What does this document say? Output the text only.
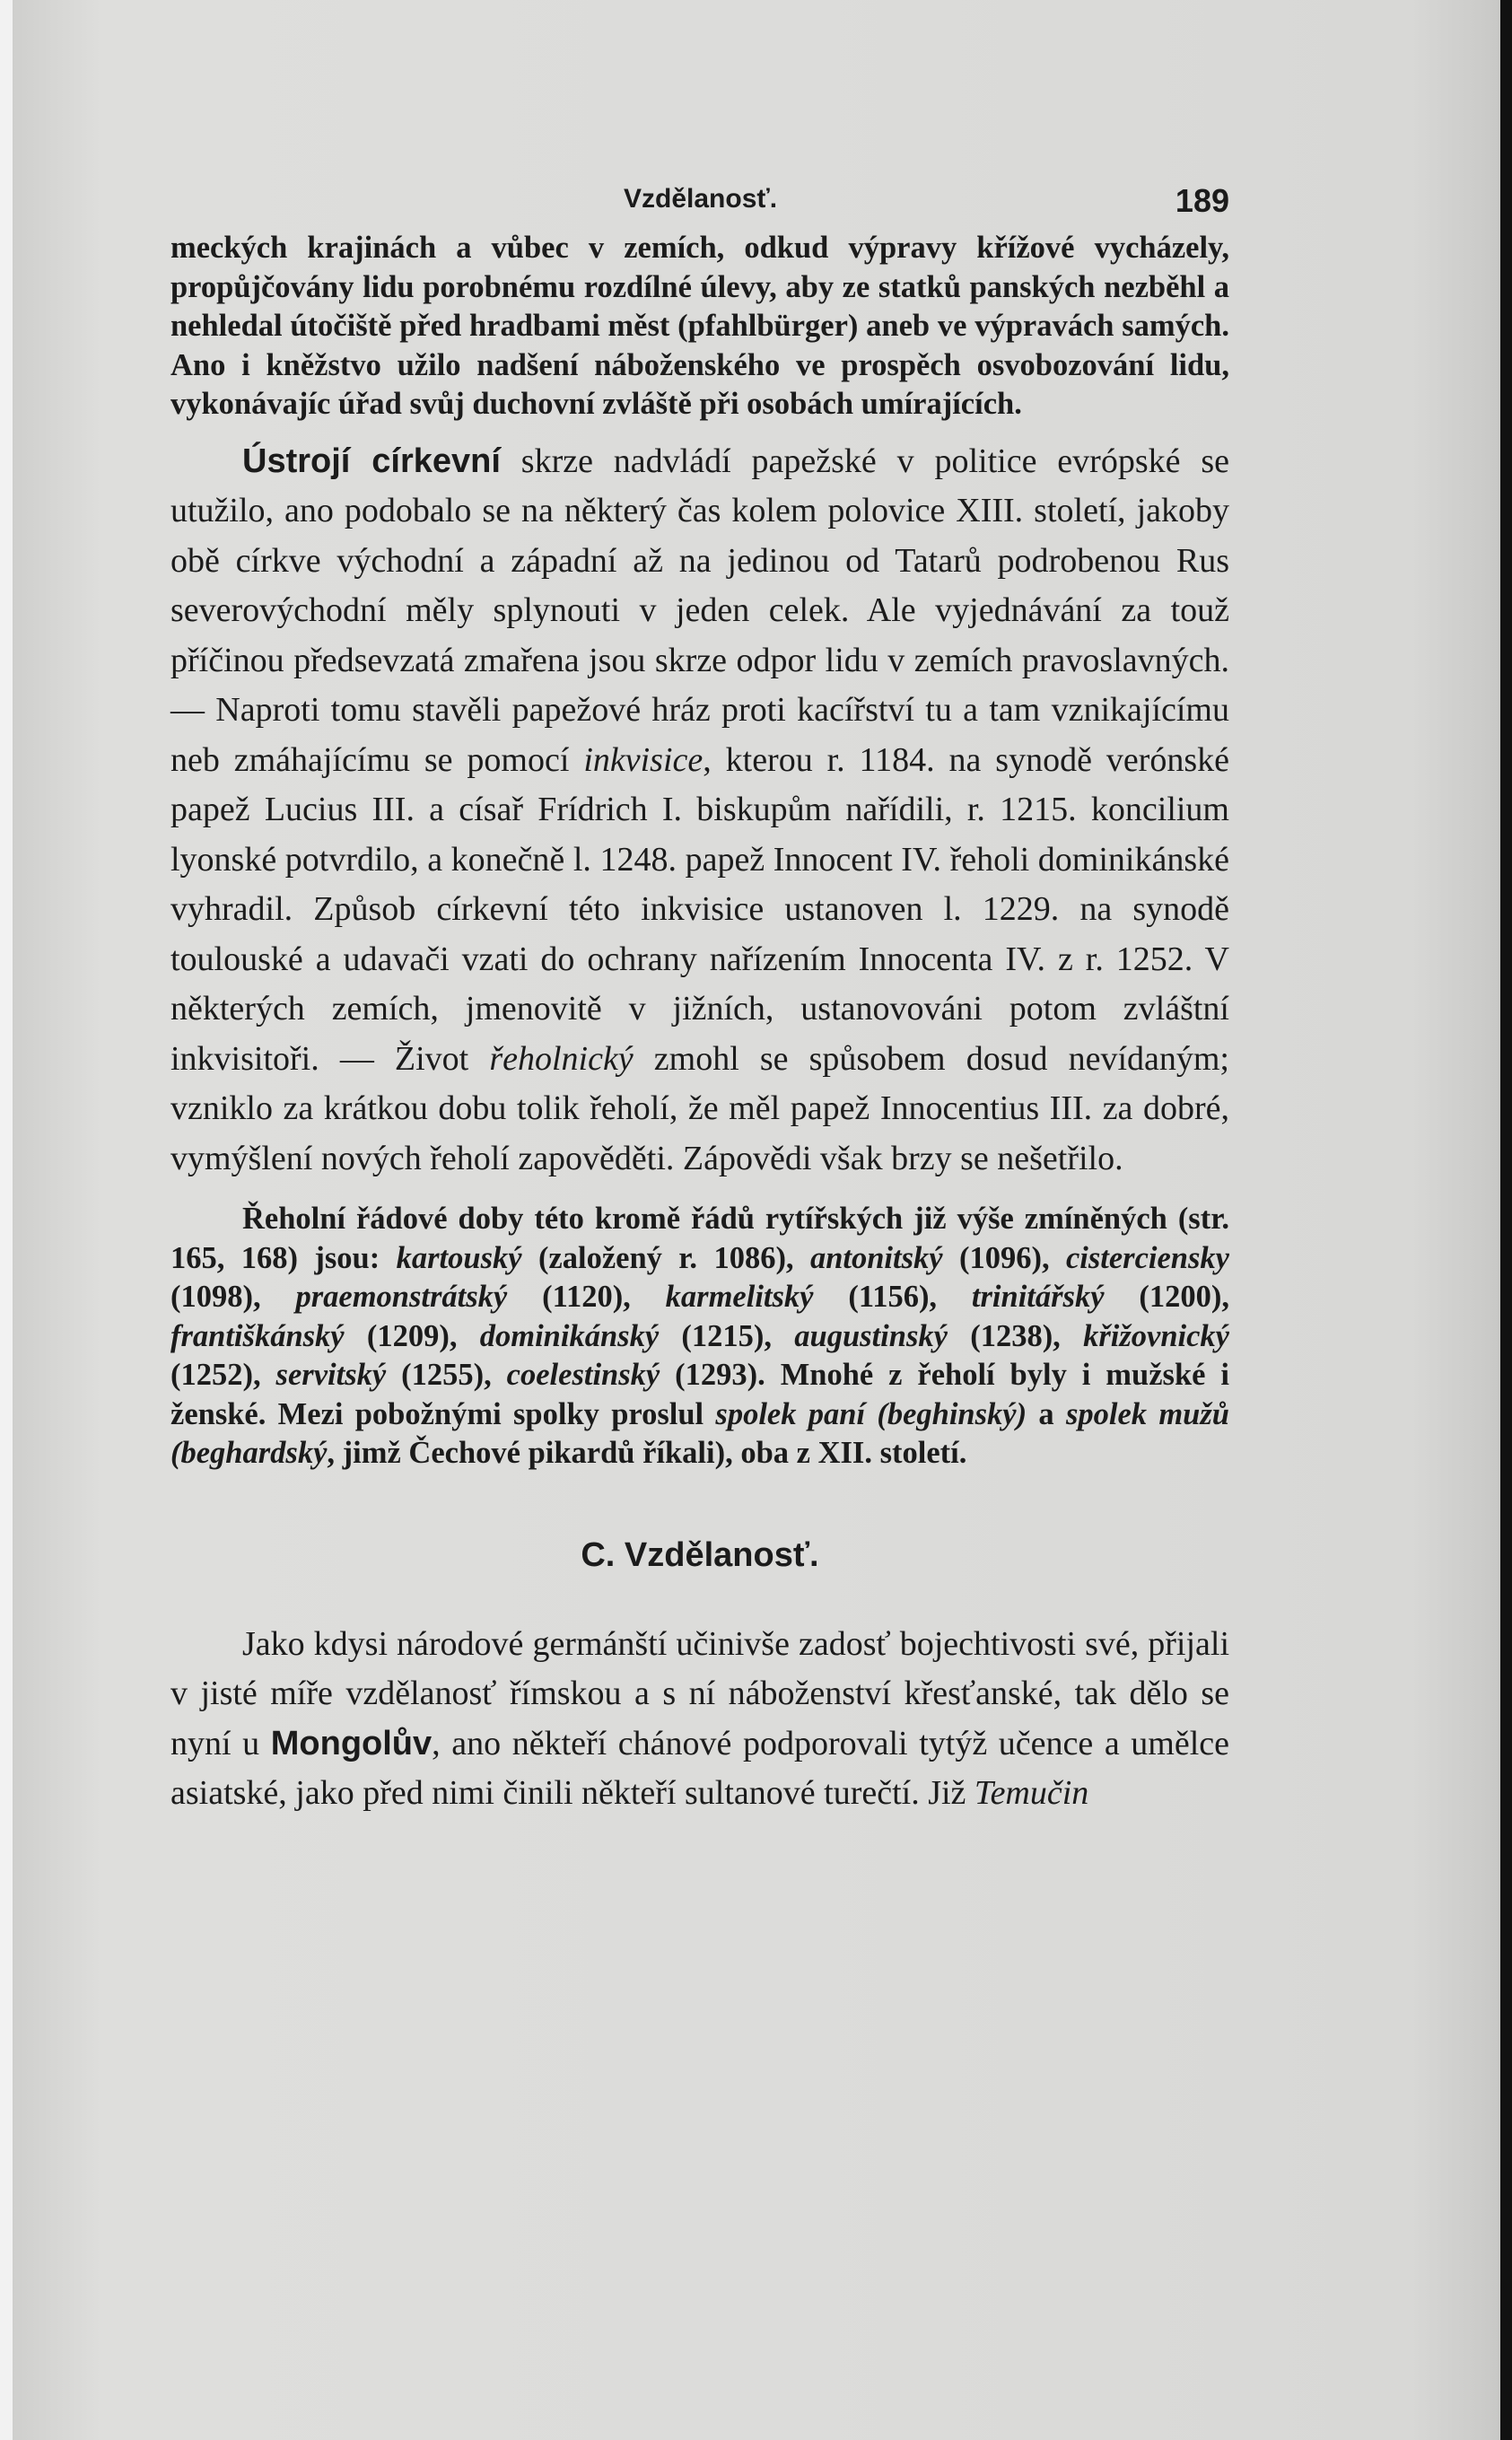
Vzdělanosť.	189

meckých krajinách a vůbec v zemích, odkud výpravy křížové vycházely, propůjčovány lidu porobnému rozdílné úlevy, aby ze statků panských nezběhl a nehledal útočiště před hradbami měst (pfahlbürger) aneb ve výpravách samých. Ano i kněžstvo užilo nadšení náboženského ve prospěch osvobozování lidu, vykonávajíc úřad svůj duchovní zvláště při osobách umírajících.

Ústrojí církevní skrze nadvládí papežské v politice evrópské se utužilo, ano podobalo se na některý čas kolem polovice XIII. století, jakoby obě církve východní a západní až na jedinou od Tatarů podrobenou Rus severovýchodní měly splynouti v jeden celek. Ale vyjednávání za touž příčinou předsevzatá zmařena jsou skrze odpor lidu v zemích pravoslavných. — Naproti tomu stavěli papežové hráz proti kacířství tu a tam vznikajícímu neb zmáhajícímu se pomocí inkvisice, kterou r. 1184. na synodě verónské papež Lucius III. a císař Frídrich I. biskupům nařídili, r. 1215. koncilium lyonské potvrdilo, a konečně l. 1248. papež Innocent IV. řeholi dominikánské vyhradil. Způsob církevní této inkvisice ustanoven l. 1229. na synodě toulouské a udavači vzati do ochrany nařízením Innocenta IV. z r. 1252. V některých zemích, jmenovitě v jižních, ustanovováni potom zvláštní inkvisitoři. — Život řeholnický zmohl se spůsobem dosud nevídaným; vzniklo za krátkou dobu tolik řeholí, že měl papež Innocentius III. za dobré, vymýšlení nových řeholí zapověděti. Zápovědi však brzy se nešetřilo.

Řeholní řádové doby této kromě řádů rytířských již výše zmíněných (str. 165, 168) jsou: kartouský (založený r. 1086), antonitský (1096), cisterciensky (1098), praemonstrátský (1120), karmelitský (1156), trinitářský (1200), františkánský (1209), dominikánský (1215), augustinský (1238), křižovnický (1252), servitský (1255), coelestinský (1293). Mnohé z řeholí byly i mužské i ženské. Mezi pobožnými spolky proslul spolek paní (beghinský) a spolek mužů (beghardský, jimž Čechové pikardů říkali), oba z XII. století.

C. Vzdělanosť.

Jako kdysi národové germánští učinivše zadosť bojechtivosti své, přijali v jisté míře vzdělanosť římskou a s ní náboženství křesťanské, tak dělo se nyní u Mongolův, ano někteří chánové podporovali tytýž učence a umělce asiatské, jako před nimi činili někteří sultanové turečtí. Již Temučin
